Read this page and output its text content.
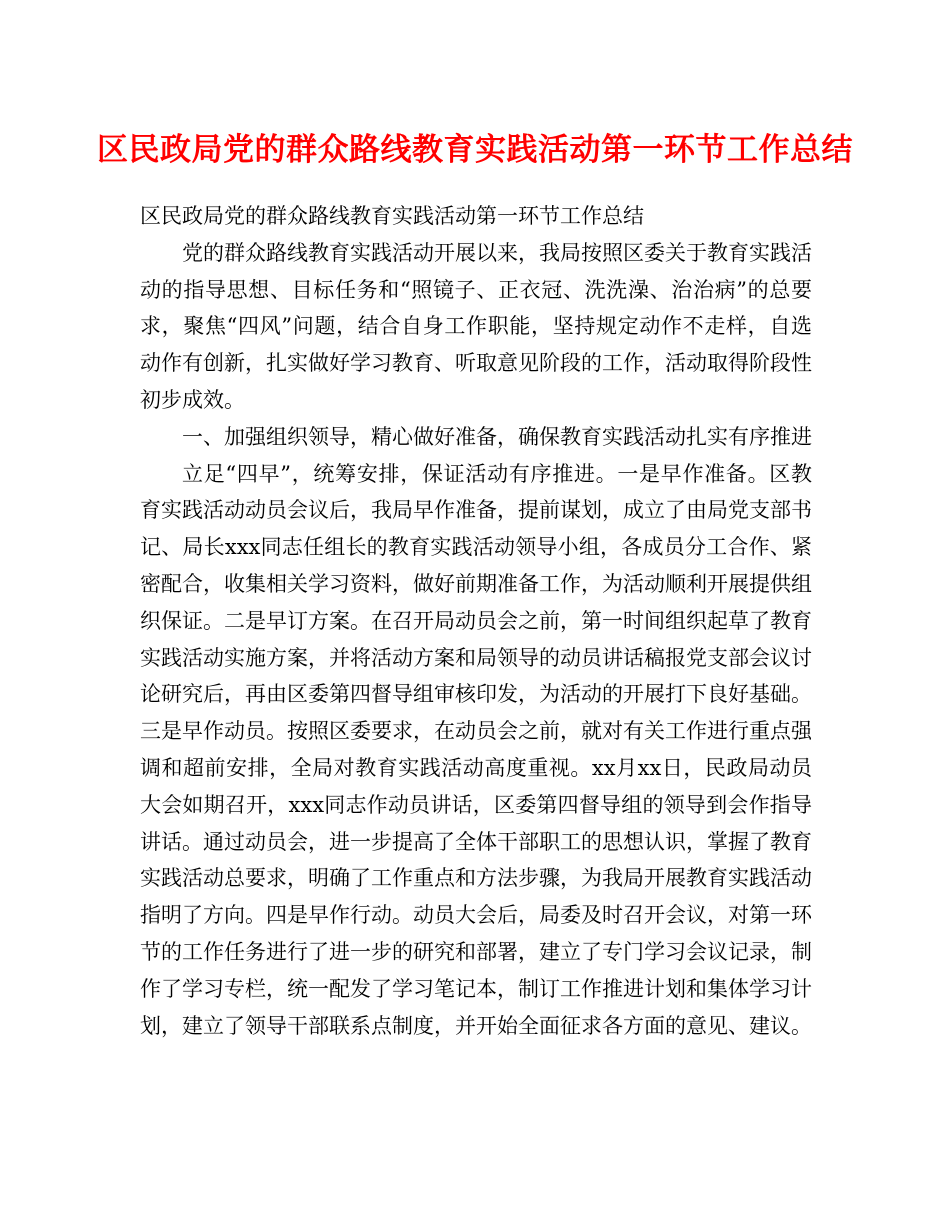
区民政局党的群众路线教育实践活动第一环节工作总结

区民政局党的群众路线教育实践活动第一环节工作总结

党的群众路线教育实践活动开展以来，我局按照区委关于教育实践活动的指导思想、目标任务和“照镜子、正衣冠、洗洗澡、治治病”的总要求，聚焦“四风”问题，结合自身工作职能，坚持规定动作不走样，自选动作有创新，扎实做好学习教育、听取意见阶段的工作，活动取得阶段性初步成效。

一、加强组织领导，精心做好准备，确保教育实践活动扎实有序推进

立足“四早”，统筹安排，保证活动有序推进。一是早作准备。区教育实践活动动员会议后，我局早作准备，提前谋划，成立了由局党支部书记、局长xxx同志任组长的教育实践活动领导小组，各成员分工合作、紧密配合，收集相关学习资料，做好前期准备工作，为活动顺利开展提供组织保证。二是早订方案。在召开局动员会之前，第一时间组织起草了教育实践活动实施方案，并将活动方案和局领导的动员讲话稿报党支部会议讨论研究后，再由区委第四督导组审核印发，为活动的开展打下良好基础。三是早作动员。按照区委要求，在动员会之前，就对有关工作进行重点强调和超前安排，全局对教育实践活动高度重视。xx月xx日，民政局动员大会如期召开，xxx同志作动员讲话，区委第四督导组的领导到会作指导讲话。通过动员会，进一步提高了全体干部职工的思想认识，掌握了教育实践活动总要求，明确了工作重点和方法步骤，为我局开展教育实践活动指明了方向。四是早作行动。动员大会后，局委及时召开会议，对第一环节的工作任务进行了进一步的研究和部署，建立了专门学习会议记录，制作了学习专栏，统一配发了学习笔记本，制订工作推进计划和集体学习计划，建立了领导干部联系点制度，并开始全面征求各方面的意见、建议。
